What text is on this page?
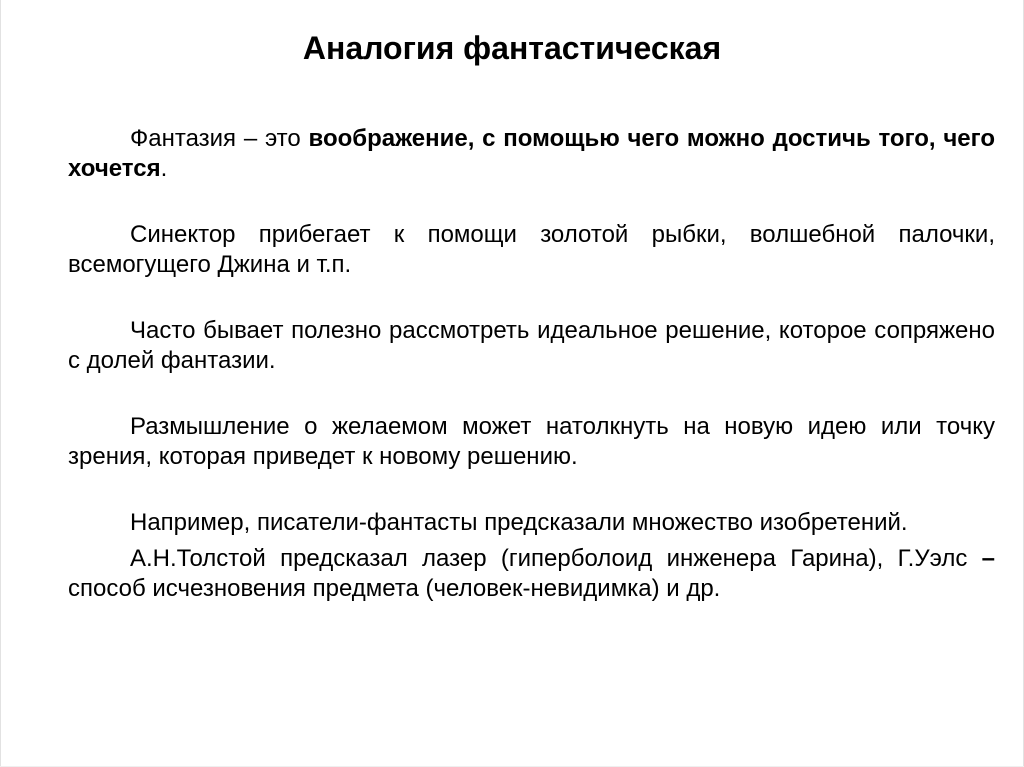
Аналогия фантастическая

Фантазия – это воображение, с помощью чего можно достичь того, чего хочется.

Синектор прибегает к помощи золотой рыбки, волшебной палочки, всемогущего Джина и т.п.

Часто бывает полезно рассмотреть идеальное решение, которое сопряжено с долей фантазии.

Размышление о желаемом может натолкнуть на новую идею или точку зрения, которая приведет к новому решению.

Например, писатели-фантасты предсказали множество изобретений.

А.Н.Толстой предсказал лазер (гиперболоид инженера Гарина), Г.Уэлс – способ исчезновения предмета (человек-невидимка) и др.
